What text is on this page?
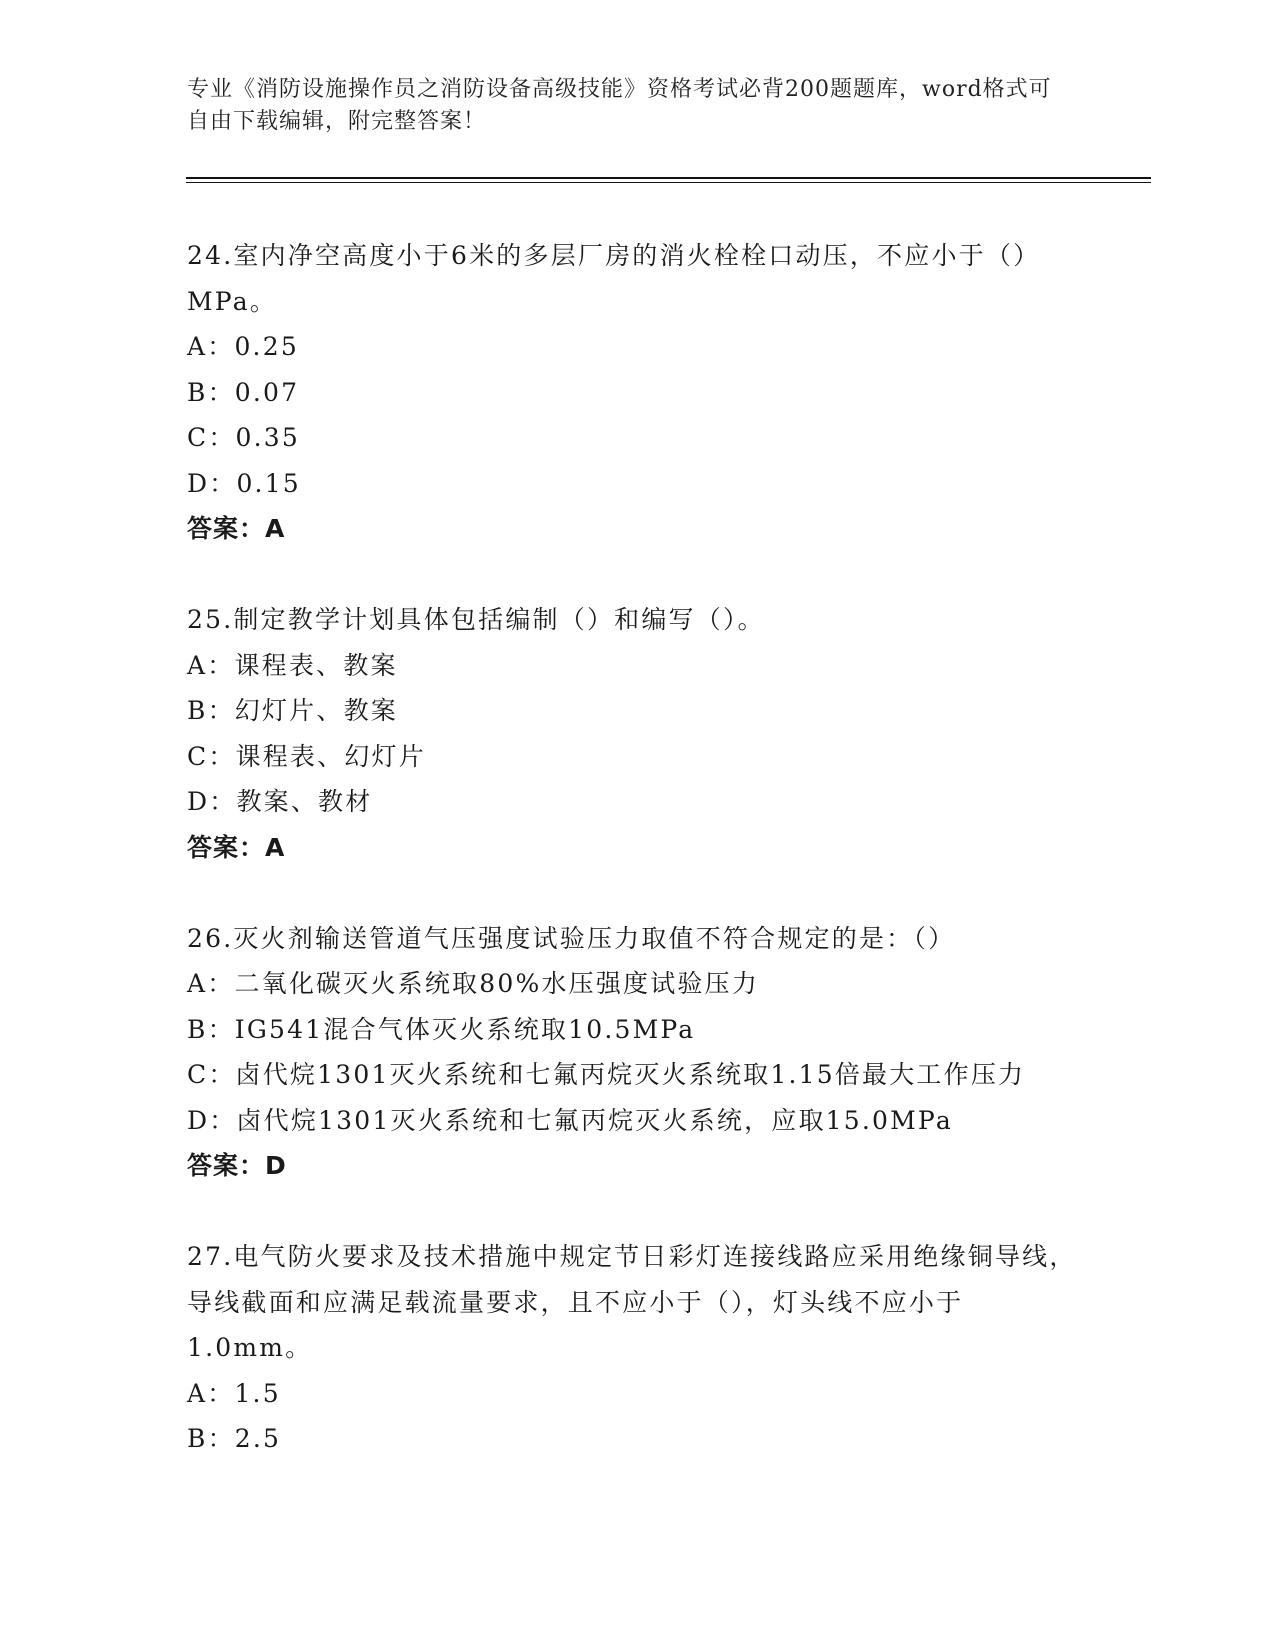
专业《消防设施操作员之消防设备高级技能》资格考试必背200题题库，word格式可自由下载编辑，附完整答案！
24.室内净空高度小于6米的多层厂房的消火栓栓口动压，不应小于（）MPa。
A：0.25
B：0.07
C：0.35
D：0.15
答案：A
25.制定教学计划具体包括编制（）和编写（）。
A：课程表、教案
B：幻灯片、教案
C：课程表、幻灯片
D：教案、教材
答案：A
26.灭火剂输送管道气压强度试验压力取值不符合规定的是：（）
A：二氧化碳灭火系统取80%水压强度试验压力
B：IG541混合气体灭火系统取10.5MPa
C：卤代烷1301灭火系统和七氟丙烷灭火系统取1.15倍最大工作压力
D：卤代烷1301灭火系统和七氟丙烷灭火系统，应取15.0MPa
答案：D
27.电气防火要求及技术措施中规定节日彩灯连接线路应采用绝缘铜导线，导线截面和应满足载流量要求，且不应小于（），灯头线不应小于1.0mm。
A：1.5
B：2.5
